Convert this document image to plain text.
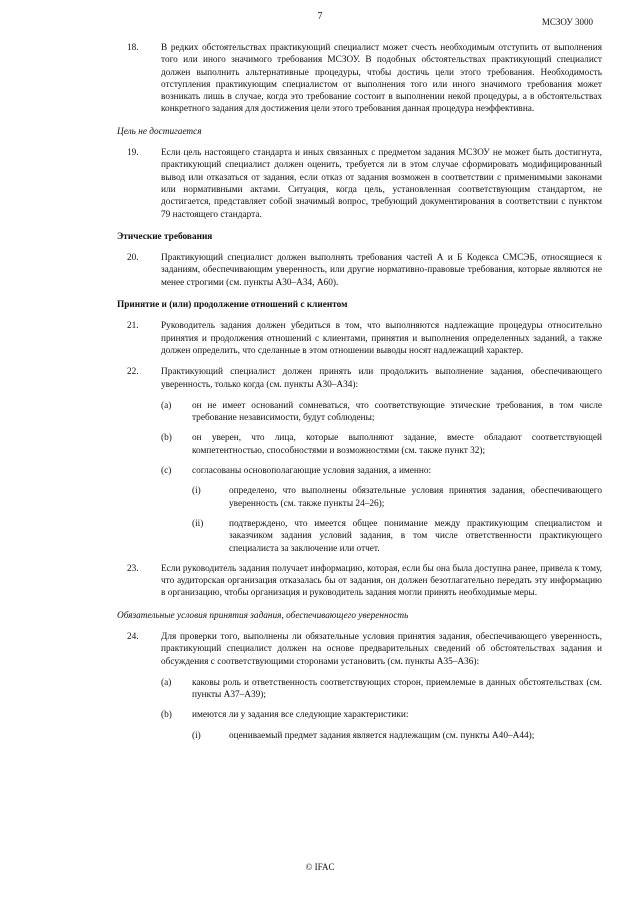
7	МСЗОУ 3000
18. В редких обстоятельствах практикующий специалист может счесть необходимым отступить от выполнения того или иного значимого требования МСЗОУ. В подобных обстоятельствах практикующий специалист должен выполнить альтернативные процедуры, чтобы достичь цели этого требования. Необходимость отступления практикующим специалистом от выполнения того или иного значимого требования может возникать лишь в случае, когда это требование состоит в выполнении некой процедуры, а в обстоятельствах конкретного задания для достижения цели этого требования данная процедура неэффективна.
Цель не достигается
19. Если цель настоящего стандарта и иных связанных с предметом задания МСЗОУ не может быть достигнута, практикующий специалист должен оценить, требуется ли в этом случае сформировать модифицированный вывод или отказаться от задания, если отказ от задания возможен в соответствии с применимыми законами или нормативными актами. Ситуация, когда цель, установленная соответствующим стандартом, не достигается, представляет собой значимый вопрос, требующий документирования в соответствии с пунктом 79 настоящего стандарта.
Этические требования
20. Практикующий специалист должен выполнять требования частей А и Б Кодекса СМСЭБ, относящиеся к заданиям, обеспечивающим уверенность, или другие нормативно-правовые требования, которые являются не менее строгими (см. пункты А30–А34, А60).
Принятие и (или) продолжение отношений с клиентом
21. Руководитель задания должен убедиться в том, что выполняются надлежащие процедуры относительно принятия и продолжения отношений с клиентами, принятия и выполнения определенных заданий, а также должен определить, что сделанные в этом отношении выводы носят надлежащий характер.
22. Практикующий специалист должен принять или продолжить выполнение задания, обеспечивающего уверенность, только когда (см. пункты А30–А34):
(a) он не имеет оснований сомневаться, что соответствующие этические требования, в том числе требование независимости, будут соблюдены;
(b) он уверен, что лица, которые выполняют задание, вместе обладают соответствующей компетентностью, способностями и возможностями (см. также пункт 32);
(c) согласованы основополагающие условия задания, а именно:
(i)	определено, что выполнены обязательные условия принятия задания, обеспечивающего уверенность (см. также пункты 24–26);
(ii)	подтверждено, что имеется общее понимание между практикующим специалистом и заказчиком задания условий задания, в том числе ответственности практикующего специалиста за заключение или отчет.
23. Если руководитель задания получает информацию, которая, если бы она была доступна ранее, привела к тому, что аудиторская организация отказалась бы от задания, он должен безотлагательно передать эту информацию в организацию, чтобы организация и руководитель задания могли принять необходимые меры.
Обязательные условия принятия задания, обеспечивающего уверенность
24. Для проверки того, выполнены ли обязательные условия принятия задания, обеспечивающего уверенность, практикующий специалист должен на основе предварительных сведений об обстоятельствах задания и обсуждения с соответствующими сторонами установить (см. пункты А35–А36):
(a) каковы роль и ответственность соответствующих сторон, приемлемые в данных обстоятельствах (см. пункты А37–А39);
(b) имеются ли у задания все следующие характеристики:
(i)	оцениваемый предмет задания является надлежащим (см. пункты А40–А44);
© IFAC
